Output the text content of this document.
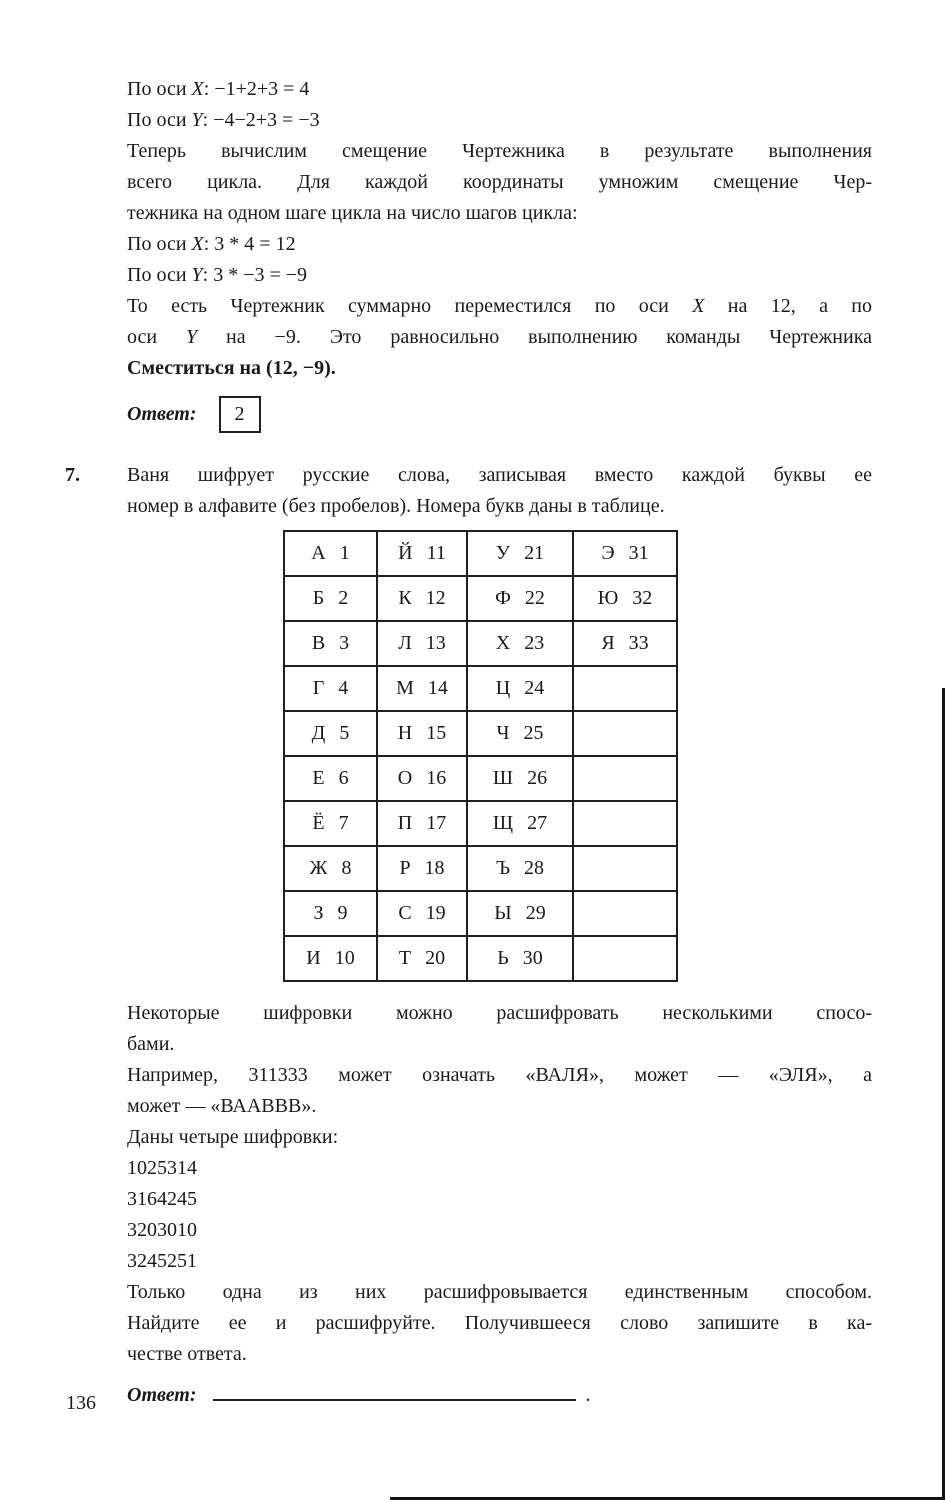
По оси X: −1+2+3 = 4
По оси Y: −4−2+3 = −3
Теперь вычислим смещение Чертежника в результате выполнения
всего цикла. Для каждой координаты умножим смещение Чер-
тежника на одном шаге цикла на число шагов цикла:
По оси X: 3 * 4 = 12
По оси Y: 3 * −3 = −9
То есть Чертежник суммарно переместился по оси X на 12, а по
оси Y на −9. Это равносильно выполнению команды Чертежника
Сместиться на (12, −9).
Ответ: 2
7.	Ваня шифрует русские слова, записывая вместо каждой буквы ее
номер в алфавите (без пробелов). Номера букв даны в таблице.
А 1	Й 11	У 21	Э 31
Б 2	К 12	Ф 22	Ю 32
В 3	Л 13	Х 23	Я 33
Г 4	М 14	Ц 24	
Д 5	Н 15	Ч 25	
Е 6	О 16	Ш 26	
Ё 7	П 17	Щ 27	
Ж 8	Р 18	Ъ 28	
З 9	С 19	Ы 29	
И 10	Т 20	Ь 30	
Некоторые шифровки можно расшифровать несколькими спосо-
бами.
Например, 311333 может означать «ВАЛЯ», может — «ЭЛЯ», а
может — «ВААВВВ».
Даны четыре шифровки:
1025314
3164245
3203010
3245251
Только одна из них расшифровывается единственным способом.
Найдите ее и расшифруйте. Получившееся слово запишите в ка-
честве ответа.
Ответ:	.
136
